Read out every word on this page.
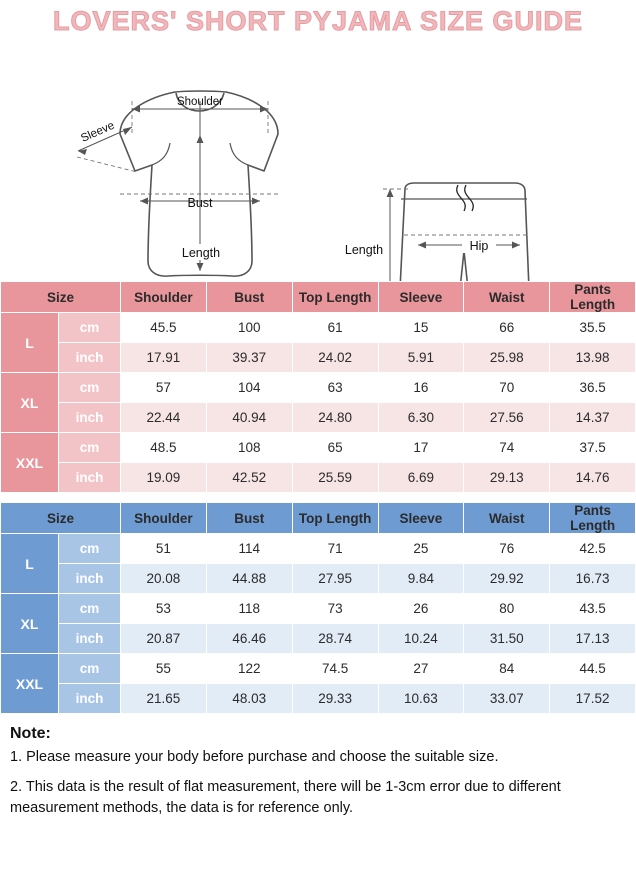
LOVERS' SHORT PYJAMA SIZE GUIDE
Shoulder
Sleeve
Bust
Length	Length	Hip
Size		Shoulder	Bust	Top Length	Sleeve	Waist	Pants Length
L	cm	45.5	100	61	15	66	35.5
	inch	17.91	39.37	24.02	5.91	25.98	13.98
XL	cm	57	104	63	16	70	36.5
	inch	22.44	40.94	24.80	6.30	27.56	14.37
XXL	cm	48.5	108	65	17	74	37.5
	inch	19.09	42.52	25.59	6.69	29.13	14.76
Size		Shoulder	Bust	Top Length	Sleeve	Waist	Pants Length
L	cm	51	114	71	25	76	42.5
	inch	20.08	44.88	27.95	9.84	29.92	16.73
XL	cm	53	118	73	26	80	43.5
	inch	20.87	46.46	28.74	10.24	31.50	17.13
XXL	cm	55	122	74.5	27	84	44.5
	inch	21.65	48.03	29.33	10.63	33.07	17.52
Note:

1. Please measure your body before purchase and choose the suitable size.

2. This data is the result of flat measurement, there will be 1-3cm error due to different measurement methods, the data is for reference only.
